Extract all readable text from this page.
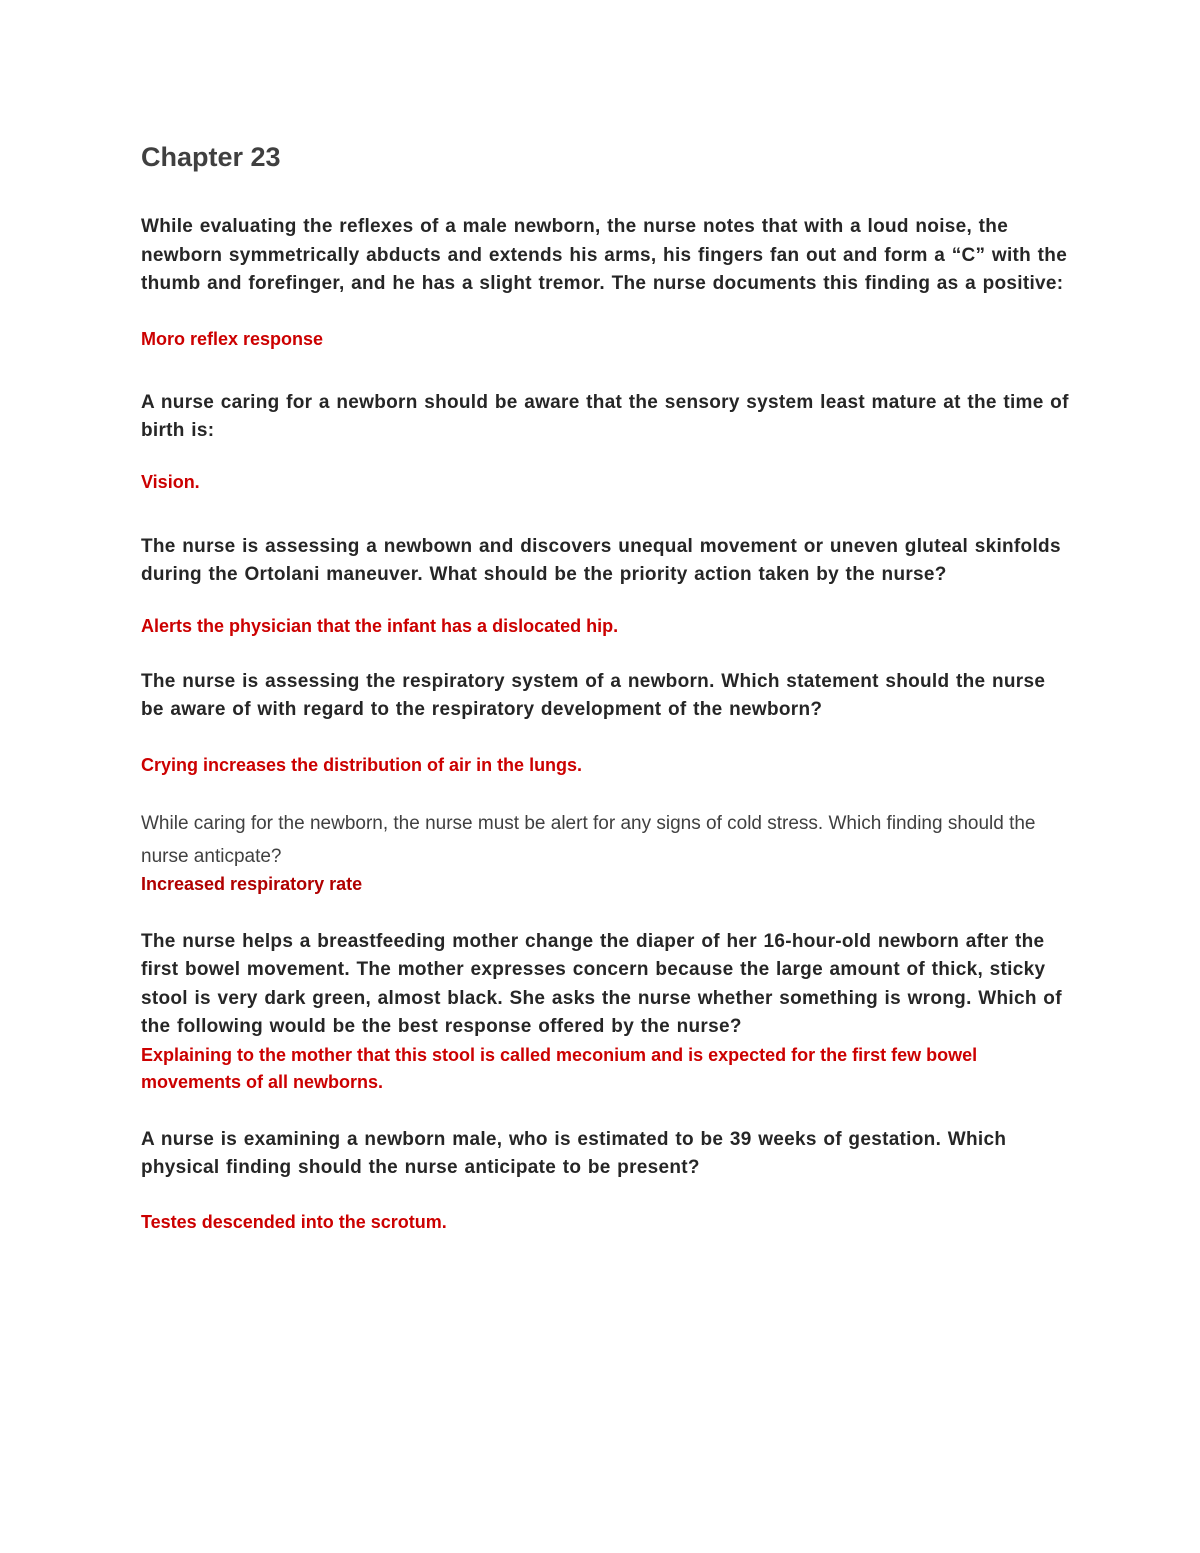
Chapter 23

While evaluating the reflexes of a male newborn, the nurse notes that with a loud noise, the newborn symmetrically abducts and extends his arms, his fingers fan out and form a “C” with the thumb and forefinger, and he has a slight tremor. The nurse documents this finding as a positive:

Moro reflex response

A nurse caring for a newborn should be aware that the sensory system least mature at the time of birth is:

Vision.

The nurse is assessing a newbown and discovers unequal movement or uneven gluteal skinfolds during the Ortolani maneuver. What should be the priority action taken by the nurse?

Alerts the physician that the infant has a dislocated hip.

The nurse is assessing the respiratory system of a newborn. Which statement should the nurse be aware of with regard to the respiratory development of the newborn?

Crying increases the distribution of air in the lungs.

While caring for the newborn, the nurse must be alert for any signs of cold stress. Which finding should the nurse anticpate?

Increased respiratory rate

The nurse helps a breastfeeding mother change the diaper of her 16-hour-old newborn after the first bowel movement. The mother expresses concern because the large amount of thick, sticky stool is very dark green, almost black. She asks the nurse whether something is wrong. Which of the following would be the best response offered by the nurse?

Explaining to the mother that this stool is called meconium and is expected for the first few bowel movements of all newborns.

A nurse is examining a newborn male, who is estimated to be 39 weeks of gestation. Which physical finding should the nurse anticipate to be present?

Testes descended into the scrotum.
